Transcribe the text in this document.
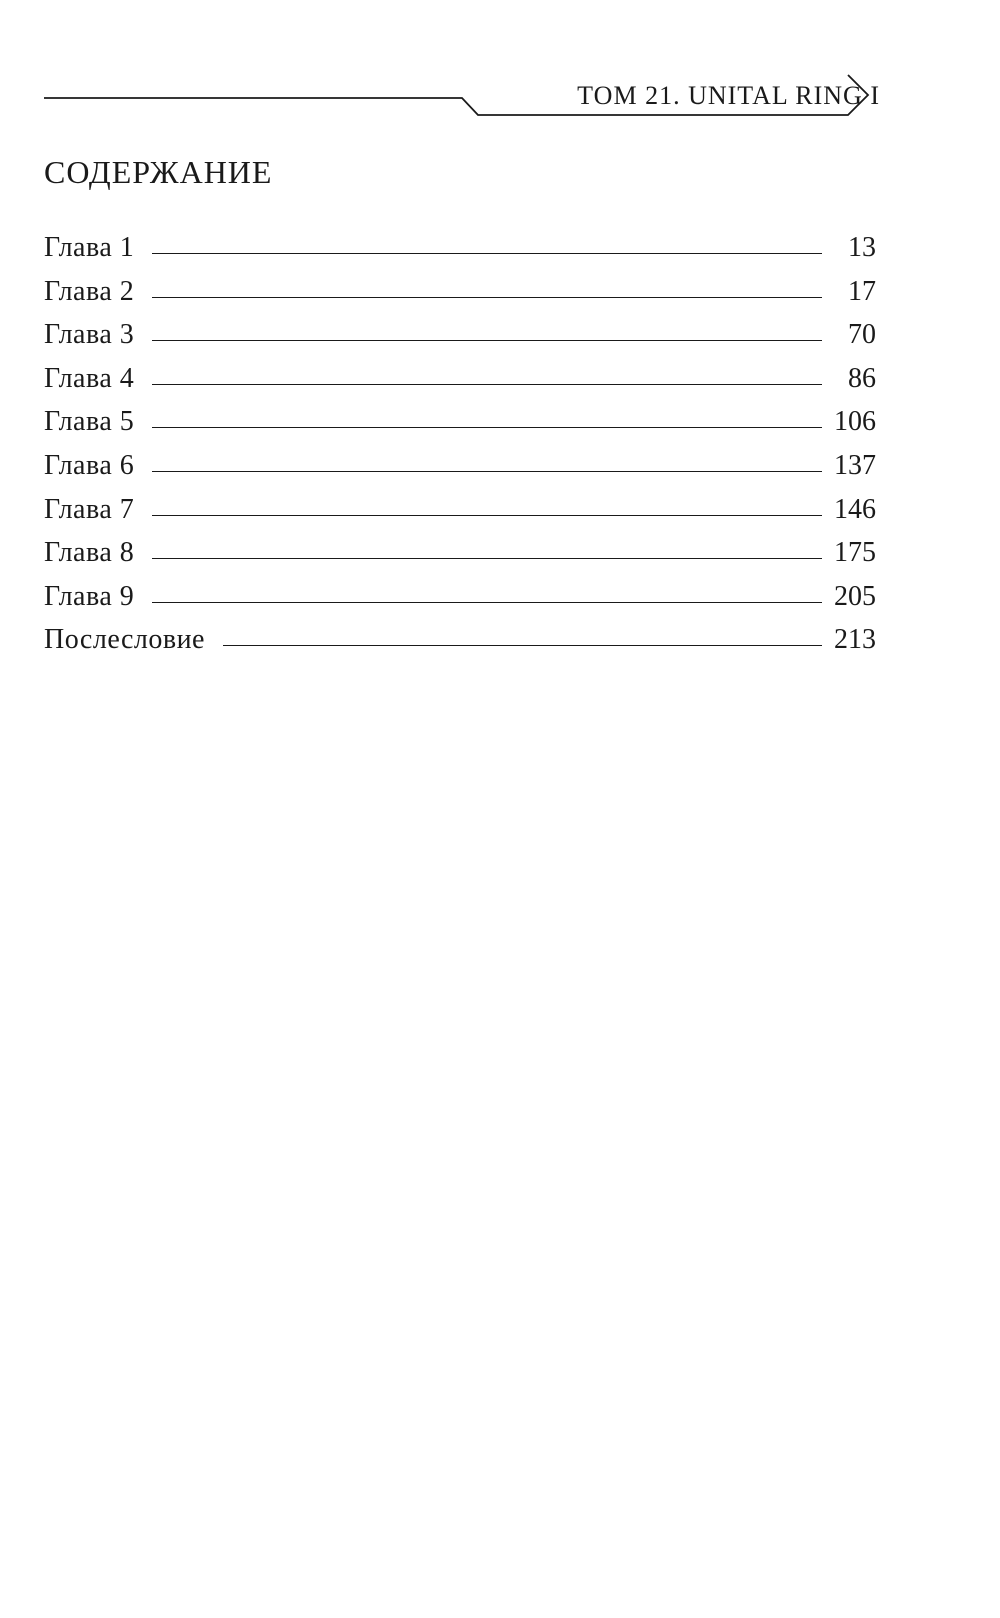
ТОМ 21. UNITAL RING I
СОДЕРЖАНИЕ
Глава 1	13
Глава 2	17
Глава 3	70
Глава 4	86
Глава 5	106
Глава 6	137
Глава 7	146
Глава 8	175
Глава 9	205
Послесловие	213
